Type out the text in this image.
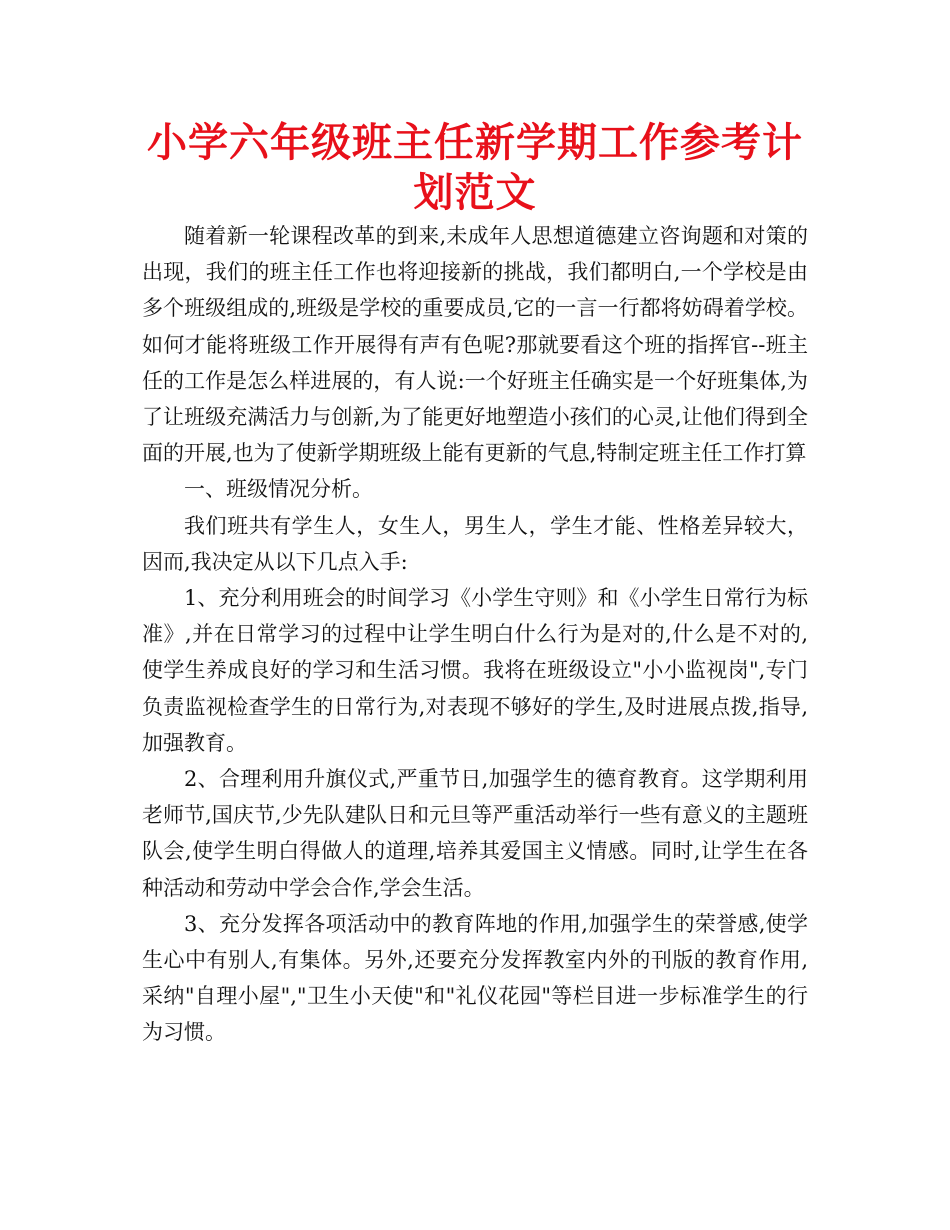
小学六年级班主任新学期工作参考计划范文

随着新一轮课程改革的到来,未成年人思想道德建立咨询题和对策的出现，我们的班主任工作也将迎接新的挑战，我们都明白,一个学校是由多个班级组成的,班级是学校的重要成员,它的一言一行都将妨碍着学校。如何才能将班级工作开展得有声有色呢?那就要看这个班的指挥官--班主任的工作是怎么样进展的，有人说:一个好班主任确实是一个好班集体,为了让班级充满活力与创新,为了能更好地塑造小孩们的心灵,让他们得到全面的开展,也为了使新学期班级上能有更新的气息,特制定班主任工作打算

一、班级情况分析。

我们班共有学生人，女生人，男生人，学生才能、性格差异较大，因而,我决定从以下几点入手:

1、充分利用班会的时间学习《小学生守则》和《小学生日常行为标准》,并在日常学习的过程中让学生明白什么行为是对的,什么是不对的,使学生养成良好的学习和生活习惯。我将在班级设立"小小监视岗",专门负责监视检查学生的日常行为,对表现不够好的学生,及时进展点拨,指导,加强教育。

2、合理利用升旗仪式,严重节日,加强学生的德育教育。这学期利用老师节,国庆节,少先队建队日和元旦等严重活动举行一些有意义的主题班队会,使学生明白得做人的道理,培养其爱国主义情感。同时,让学生在各种活动和劳动中学会合作,学会生活。

3、充分发挥各项活动中的教育阵地的作用,加强学生的荣誉感,使学生心中有别人,有集体。另外,还要充分发挥教室内外的刊版的教育作用,采纳"自理小屋","卫生小天使"和"礼仪花园"等栏目进一步标准学生的行为习惯。
